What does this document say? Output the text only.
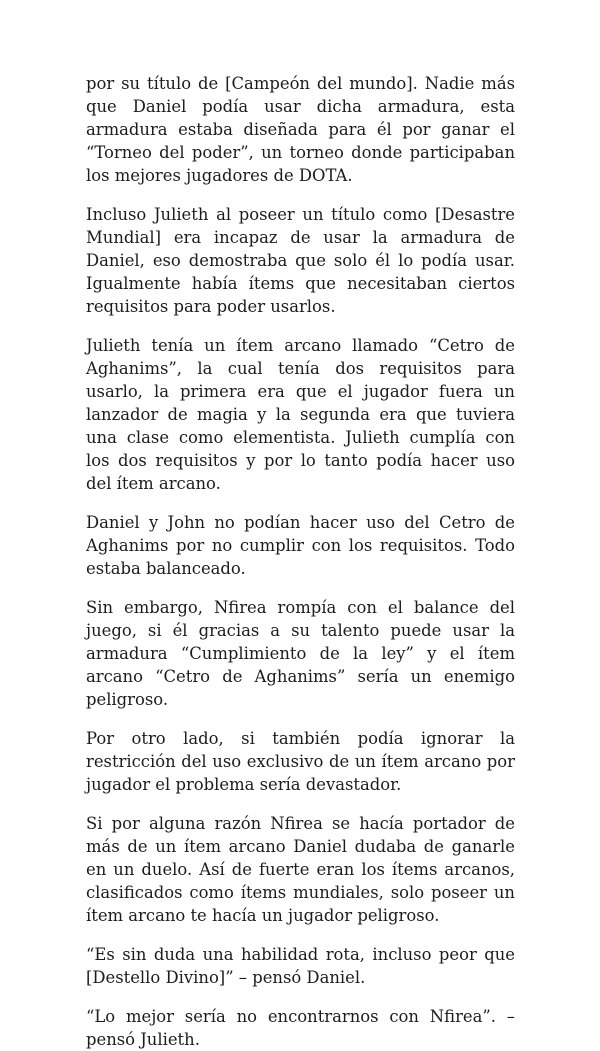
por su título de [Campeón del mundo]. Nadie más que Daniel podía usar dicha armadura, esta armadura estaba diseñada para él por ganar el “Torneo del poder”, un torneo donde participaban los mejores jugadores de DOTA.

Incluso Julieth al poseer un título como [Desastre Mundial] era incapaz de usar la armadura de Daniel, eso demostraba que solo él lo podía usar. Igualmente había ítems que necesitaban ciertos requisitos para poder usarlos.

Julieth tenía un ítem arcano llamado “Cetro de Aghanims”, la cual tenía dos requisitos para usarlo, la primera era que el jugador fuera un lanzador de magia y la segunda era que tuviera una clase como elementista. Julieth cumplía con los dos requisitos y por lo tanto podía hacer uso del ítem arcano.

Daniel y John no podían hacer uso del Cetro de Aghanims por no cumplir con los requisitos. Todo estaba balanceado.

Sin embargo, Nfirea rompía con el balance del juego, si él gracias a su talento puede usar la armadura “Cumplimiento de la ley” y el ítem arcano “Cetro de Aghanims” sería un enemigo peligroso.

Por otro lado, si también podía ignorar la restricción del uso exclusivo de un ítem arcano por jugador el problema sería devastador.

Si por alguna razón Nfirea se hacía portador de más de un ítem arcano Daniel dudaba de ganarle en un duelo. Así de fuerte eran los ítems arcanos, clasificados como ítems mundiales, solo poseer un ítem arcano te hacía un jugador peligroso.

“Es sin duda una habilidad rota, incluso peor que [Destello Divino]” – pensó Daniel.

“Lo mejor sería no encontrarnos con Nfirea”. – pensó Julieth.
